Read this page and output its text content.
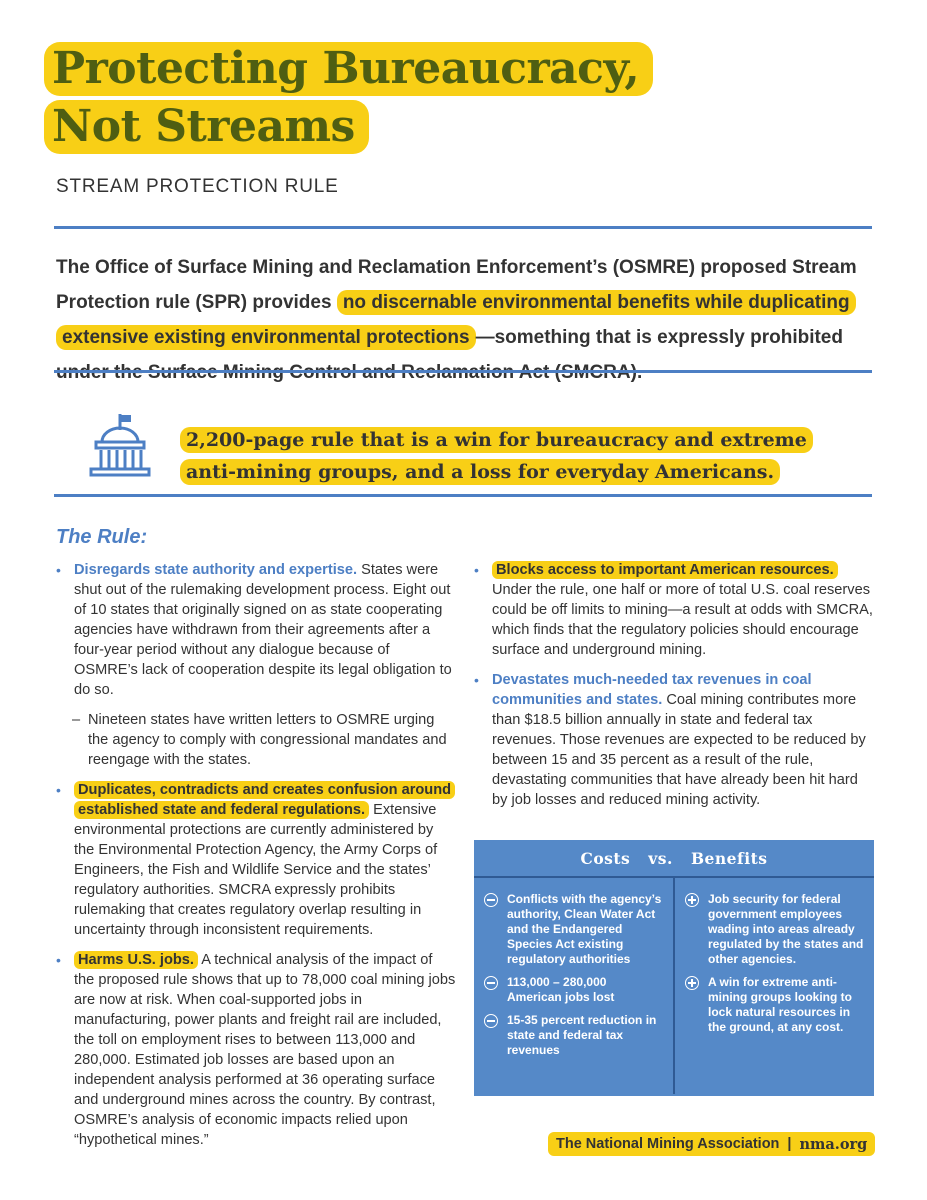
Protecting Bureaucracy,
Not Streams
STREAM PROTECTION RULE
The Office of Surface Mining and Reclamation Enforcement’s (OSMRE) proposed Stream Protection rule (SPR) provides no discernable environmental benefits while duplicating extensive existing environmental protections —something that is expressly prohibited
2,200-page rule that is a win for bureaucracy and extreme anti-mining groups, and a loss for everyday Americans.
The Rule:
• Disregards state authority and expertise. States were shut out of the rulemaking development process. Eight out of 10 states that originally signed on as state cooperating agencies have withdrawn from their agreements after a four-year period without any dialogue because of OSMRE’s lack of cooperation despite its legal obligation to do so.
– Nineteen states have written letters to OSMRE urging the agency to comply with congressional mandates and reengage with the states.
• Duplicates, contradicts and creates confusion around established state and federal regulations. Extensive environmental protections are currently administered by the Environmental Protection Agency, the Army Corps of Engineers, the Fish and Wildlife Service and the states’ regulatory authorities. SMCRA expressly prohibits rulemaking that creates regulatory overlap resulting in uncertainty through inconsistent requirements.
• Harms U.S. jobs. A technical analysis of the impact of the proposed rule shows that up to 78,000 coal mining jobs are now at risk. When coal-supported jobs in manufacturing, power plants and freight rail are included, the toll on employment rises to between 113,000 and 280,000. Estimated job losses are based upon an independent analysis performed at 36 operating surface and underground mines across the country. By contrast, OSMRE’s analysis of economic impacts relied upon “hypothetical mines.”
• Blocks access to important American resources. Under the rule, one half or more of total U.S. coal reserves could be off limits to mining—a result at odds with SMCRA, which finds that the regulatory policies should encourage surface and underground mining.
• Devastates much-needed tax revenues in coal communities and states. Coal mining contributes more than $18.5 billion annually in state and federal tax revenues. Those revenues are expected to be reduced by between 15 and 35 percent as a result of the rule, devastating communities that have already been hit hard by job losses and reduced mining activity.
Costs vs. Benefits
Conflicts with the agency’s authority, Clean Water Act and the Endangered Species Act existing regulatory authorities
113,000 – 280,000 American jobs lost
15-35 percent reduction in state and federal tax revenues
Job security for federal government employees wading into areas already regulated by the states and other agencies.
A win for extreme anti-mining groups looking to lock natural resources in the ground, at any cost.
The National Mining Association | nma.org
